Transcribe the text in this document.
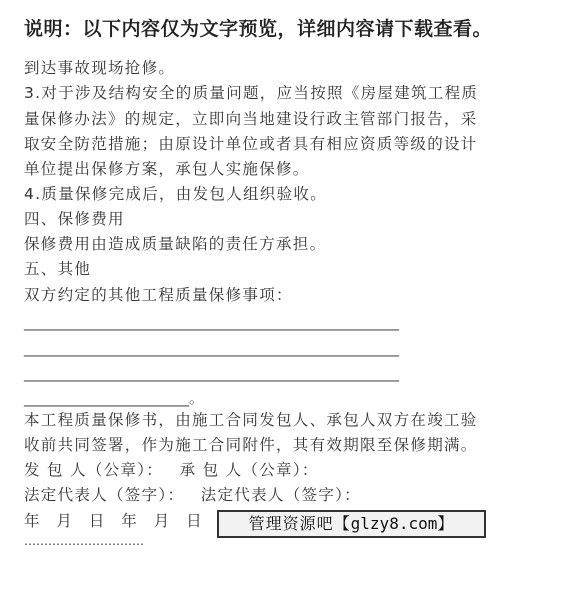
说明：以下内容仅为文字预览，详细内容请下载查看。
到达事故现场抢修。
3.对于涉及结构安全的质量问题，应当按照《房屋建筑工程质
量保修办法》的规定，立即向当地建设行政主管部门报告，采
取安全防范措施；由原设计单位或者具有相应资质等级的设计
单位提出保修方案，承包人实施保修。
4.质量保修完成后，由发包人组织验收。
四、保修费用
保修费用由造成质量缺陷的责任方承担。
五、其他
双方约定的其他工程质量保修事项：
__________________________________________________
__________________________________________________
__________________________________________________
______________________。
本工程质量保修书，由施工合同发包人、承包人双方在竣工验
收前共同签署，作为施工合同附件，其有效期限至保修期满。
发 包 人（公章）： 承 包 人（公章）：
法定代表人（签字）： 法定代表人（签字）：
年 月 日 年 月 日
…………………………
管理资源吧【glzy8.com】
